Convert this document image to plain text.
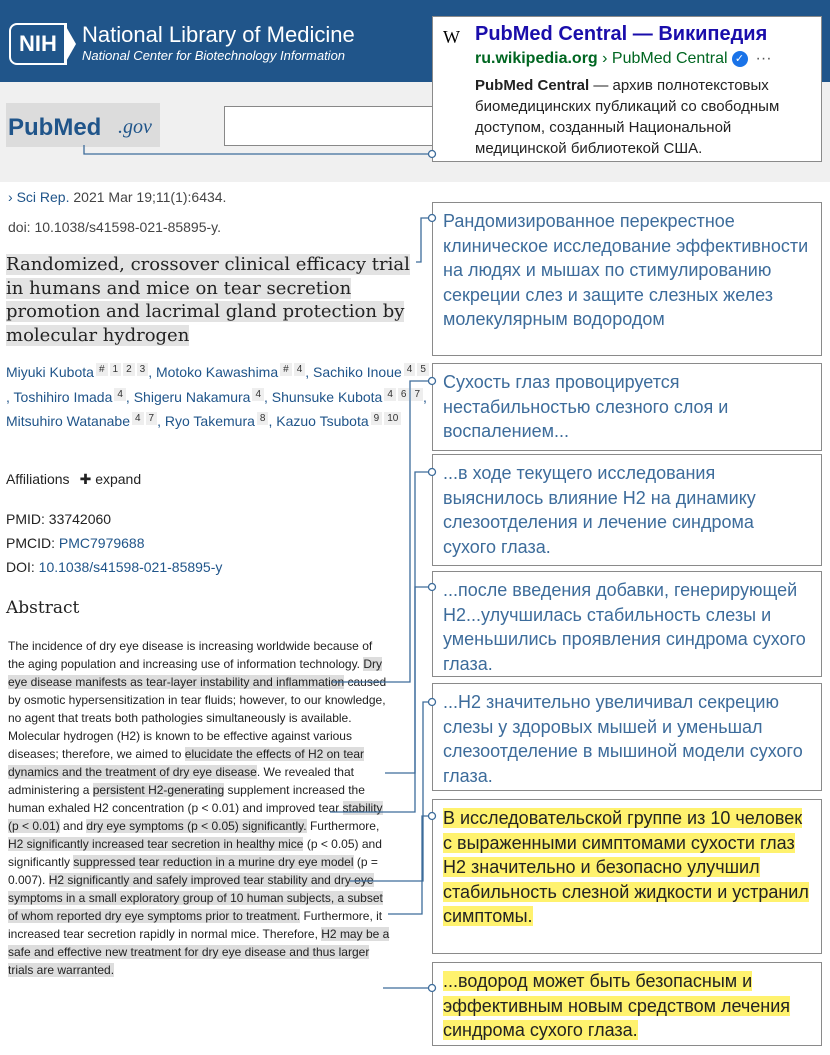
NIH	National Library of Medicine
National Center for Biotechnology Information
PubMed .gov
W PubMed Central — Википедия
ru.wikipedia.org › PubMed Central ✓ ···
PubMed Central — архив полнотекстовых биомедицинских публикаций со свободным доступом, созданный Национальной медицинской библиотекой США.
› Sci Rep. 2021 Mar 19;11(1):6434.
doi: 10.1038/s41598-021-85895-y.
Randomized, crossover clinical efficacy trial in humans and mice on tear secretion promotion and lacrimal gland protection by molecular hydrogen
Miyuki Kubota # 1 2 3 , Motoko Kawashima # 4 , Sachiko Inoue 4 5, Toshihiro Imada 4 , Shigeru Nakamura 4 , Shunsuke Kubota 4 6 7 , Mitsuhiro Watanabe 4 7 , Ryo Takemura 8 , Kazuo Tsubota 9 10
Affiliations ✚ expand
PMID: 33742060
PMCID: PMC7979688
DOI: 10.1038/s41598-021-85895-y
Abstract
The incidence of dry eye disease is increasing worldwide because of the aging population and increasing use of information technology. Dry eye disease manifests as tear-layer instability and inflammation caused by osmotic hypersensitization in tear fluids; however, to our knowledge, no agent that treats both pathologies simultaneously is available. Molecular hydrogen (H2) is known to be effective against various diseases; therefore, we aimed to elucidate the effects of H2 on tear dynamics and the treatment of dry eye disease. We revealed that administering a persistent H2-generating supplement increased the human exhaled H2 concentration (p < 0.01) and improved tear stability (p < 0.01) and dry eye symptoms (p < 0.05) significantly. Furthermore, H2 significantly increased tear secretion in healthy mice (p < 0.05) and significantly suppressed tear reduction in a murine dry eye model (p = 0.007). H2 significantly and safely improved tear stability and dry eye symptoms in a small exploratory group of 10 human subjects, a subset of whom reported dry eye symptoms prior to treatment. Furthermore, it increased tear secretion rapidly in normal mice. Therefore, H2 may be a safe and effective new treatment for dry eye disease and thus larger trials are warranted.
Рандомизированное перекрестное клиническое исследование эффективности на людях и мышах по стимулированию секреции слез и защите слезных желез молекулярным водородом
Сухость глаз провоцируется нестабильностью слезного слоя и воспалением...
...в ходе текущего исследования выяснилось влияние H2 на динамику слезоотделения и лечение синдрома сухого глаза.
...после введения добавки, генерирующей H2...улучшилась стабильность слезы и уменьшились проявления синдрома сухого глаза.
...H2 значительно увеличивал секрецию слезы у здоровых мышей и уменьшал слезоотделение в мышиной модели сухого глаза.
В исследовательской группе из 10 человек с выраженными симптомами сухости глаз H2 значительно и безопасно улучшил стабильность слезной жидкости и устранил симптомы.
...водород может быть безопасным и эффективным новым средством лечения синдрома сухого глаза.
